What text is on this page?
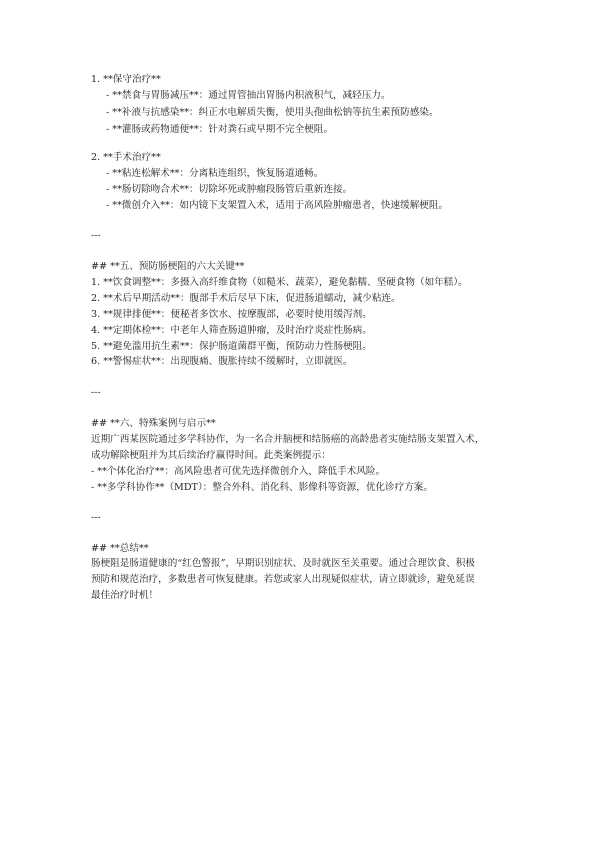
1. **保守治疗**
- **禁食与胃肠减压**：通过胃管抽出胃肠内积液积气，减轻压力。
- **补液与抗感染**：纠正水电解质失衡，使用头孢曲松钠等抗生素预防感染。
- **灌肠或药物通便**：针对粪石或早期不完全梗阻。
2. **手术治疗**
- **粘连松解术**：分离粘连组织，恢复肠道通畅。
- **肠切除吻合术**：切除坏死或肿瘤段肠管后重新连接。
- **微创介入**：如内镜下支架置入术，适用于高风险肿瘤患者，快速缓解梗阻。
---
## **五、预防肠梗阻的六大关键**
1. **饮食调整**：多摄入高纤维食物（如糙米、蔬菜），避免黏糯、坚硬食物（如年糕）。
2. **术后早期活动**：腹部手术后尽早下床，促进肠道蠕动，减少粘连。
3. **规律排便**：便秘者多饮水、按摩腹部，必要时使用缓泻剂。
4. **定期体检**：中老年人筛查肠道肿瘤，及时治疗炎症性肠病。
5. **避免滥用抗生素**：保护肠道菌群平衡，预防动力性肠梗阻。
6. **警惕症状**：出现腹痛、腹胀持续不缓解时，立即就医。
---
## **六、特殊案例与启示**
近期广西某医院通过多学科协作，为一名合并脑梗和结肠癌的高龄患者实施结肠支架置入术，
成功解除梗阻并为其后续治疗赢得时间。此类案例提示：
- **个体化治疗**：高风险患者可优先选择微创介入，降低手术风险。
- **多学科协作**（MDT）：整合外科、消化科、影像科等资源，优化诊疗方案。
---
## **总结**
肠梗阻是肠道健康的“红色警报”，早期识别症状、及时就医至关重要。通过合理饮食、积极
预防和规范治疗，多数患者可恢复健康。若您或家人出现疑似症状，请立即就诊，避免延误
最佳治疗时机！
